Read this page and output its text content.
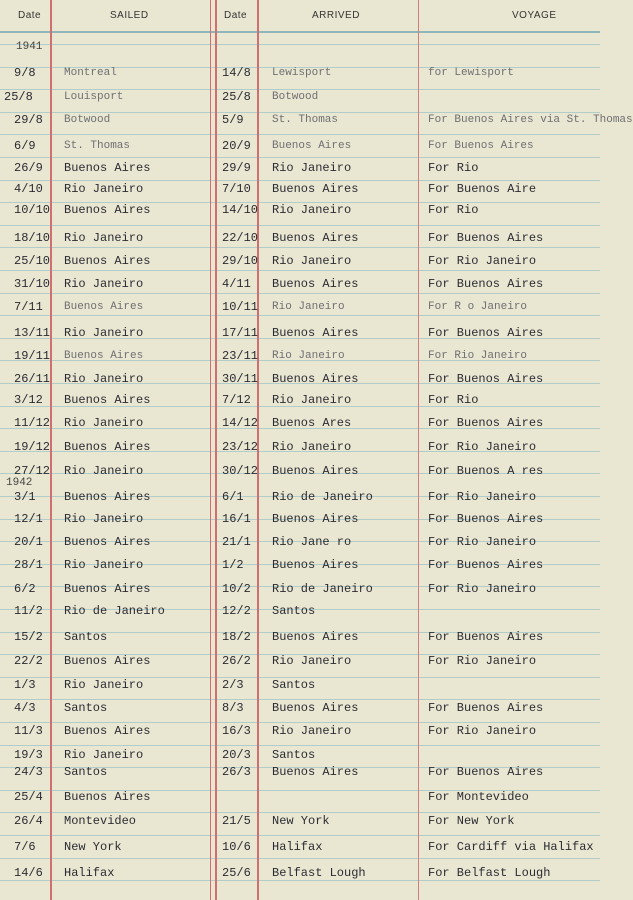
Date	SAILED	Date	ARRIVED	VOYAGE
1941
1942
9/8	Montreal	14/8 Lewisport	for Lewisport
25/8	Louisport	25/8 Botwood
29/8 Botwood	5/9	St. Thomas	For Buenos Aires via St. Thomas
6/9	St. Thomas	20/9 Buenos Aires	For Buenos Aires
26/9 Buenos Aires	29/9 Rio Janeiro	For Rio
4/10 Rio Janeiro	7/10 Buenos Aires	For Buenos Aire
10/10 Buenos Aires	14/10 Rio Janeiro	For Rio
18/10 Rio Janeiro	22/10 Buenos Aires	For Buenos Aires
25/10 Buenos Aires	29/10 Rio Janeiro	For Rio Janeiro
31/10 Rio Janeiro	4/11 Buenos Aires	For Buenos Aires
7/11 Buenos Aires	10/11 Rio Janeiro	For R o Janeiro
13/11 Rio Janeiro	17/11 Buenos Aires	For Buenos Aires
19/11 Buenos Aires	23/11 Rio Janeiro	For Rio Janeiro
26/11 Rio Janeiro	30/11 Buenos Aires	For Buenos Aires
3/12 Buenos Aires	7/12 Rio Janeiro	For Rio
11/12 Rio Janeiro	14/12 Buenos Ares	For Buenos Aires
19/12 Buenos Aires	23/12 Rio Janeiro	For Rio Janeiro
27/12 Rio Janeiro	30/12 Buenos Aires	For Buenos A res
3/1 Buenos Aires	6/1 Rio de Janeiro	For Rio Janeiro
12/1 Rio Janeiro	16/1 Buenos Aires	For Buenos Aires
20/1 Buenos Aires	21/1 Rio Jane ro	For Rio Janeiro
28/1 Rio Janeiro	1/2 Buenos Aires	For Buenos Aires
6/2 Buenos Aires	10/2 Rio de Janeiro	For Rio Janeiro
11/2 Rio de Janeiro	12/2 Santos
15/2 Santos	18/2 Buenos Aires	For Buenos Aires
22/2 Buenos Aires	26/2 Rio Janeiro	For Rio Janeiro
1/3 Rio Janeiro	2/3 Santos
4/3 Santos	8/3 Buenos Aires	For Buenos Aires
11/3 Buenos Aires	16/3 Rio Janeiro	For Rio Janeiro
19/3 Rio Janeiro	20/3 Santos
24/3 Santos	26/3 Buenos Aires	For Buenos Aires
25/4 Buenos Aires	For Montevideo
26/4 Montevideo	21/5 New York	For New York
7/6 New York	10/6 Halifax	For Cardiff via Halifax
14/6 Halifax	25/6 Belfast Lough	For Belfast Lough
